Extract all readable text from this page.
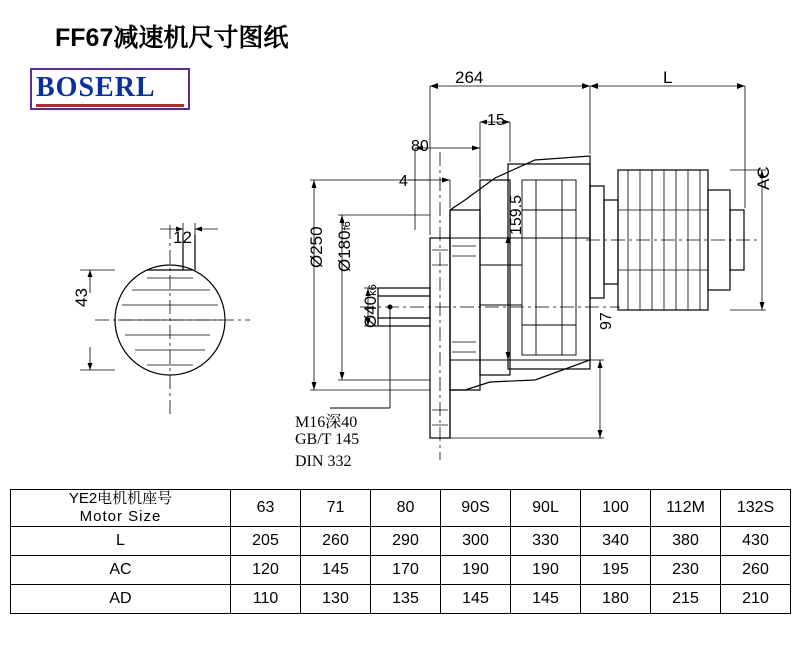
FF67减速机尺寸图纸
BOSERL
12
43
264	L
15
80
4	AC
159.5
97
Ø250 Ø180f6
Ø40k6
M16深40
GB/T 145
DIN 332
YE2电机机座号
Motor Size	63	71	80	90S	90L	100	112M	132S
L	205	260	290	300	330	340	380	430
AC	120	145	170	190	190	195	230	260
AD	110	130	135	145	145	180	215	210
